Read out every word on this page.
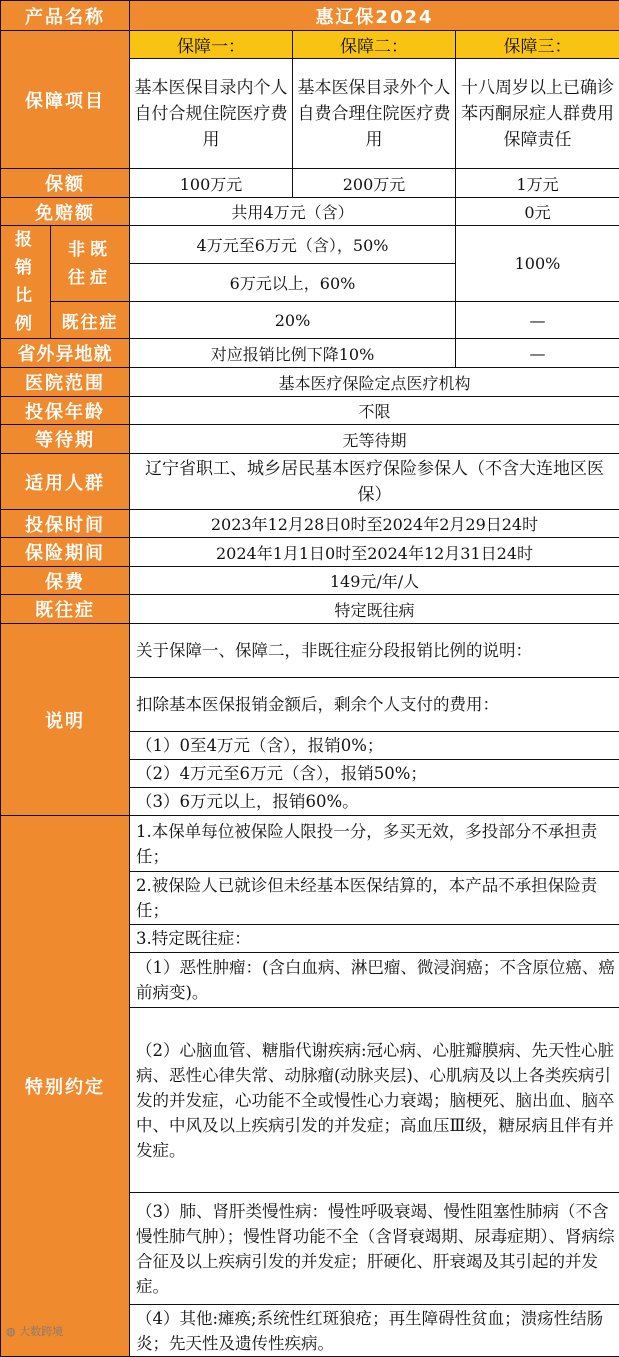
产品名称		惠辽保2024		
保障项目		保障一：	保障二：	保障三：
		基本医保目录内个人自付合规住院医疗费用	基本医保目录外个人自费合理住院医疗费用	十八周岁以上已确诊苯丙酮尿症人群费用保障责任
保额		100万元	200万元	1万元
免赔额		共用4万元（含）		0元
报销比例	非既往症	4万元至6万元（含），50%		100%
		6万元以上，60%		
	既往症	20%		—
省外异地就		对应报销比例下降10%		—
医院范围		基本医疗保险定点医疗机构		
投保年龄		不限		
等待期		无等待期		
适用人群		辽宁省职工、城乡居民基本医疗保险参保人（不含大连地区医保）		
投保时间		2023年12月28日0时至2024年2月29日24时		
保险期间		2024年1月1日0时至2024年12月31日24时		
保费		149元/年/人		
既往症		特定既往病		
说明		关于保障一、保障二，非既往症分段报销比例的说明：		
		扣除基本医保报销金额后，剩余个人支付的费用：		
		（1）0至4万元（含），报销0%；		
		（2）4万元至6万元（含），报销50%；		
		（3）6万元以上，报销60%。		
特别约定		1.本保单每位被保险人限投一分，多买无效，多投部分不承担责任；		
		2.被保险人已就诊但未经基本医保结算的，本产品不承担保险责任；		
		3.特定既往症：		
		（1）恶性肿瘤：(含白血病、淋巴瘤、微浸润癌；不含原位癌、癌前病变)。		
		（2）心脑血管、糖脂代谢疾病:冠心病、心脏瓣膜病、先天性心脏病、恶性心律失常、动脉瘤(动脉夹层)、心肌病及以上各类疾病引发的并发症，心功能不全或慢性心力衰竭；脑梗死、脑出血、脑卒中、中风及以上疾病引发的并发症；高血压Ⅲ级，糖尿病且伴有并发症。		
		（3）肺、肾肝类慢性病：慢性呼吸衰竭、慢性阻塞性肺病（不含慢性肺气肿）；慢性肾功能不全（含肾衰竭期、尿毒症期）、肾病综合征及以上疾病引发的并发症；肝硬化、肝衰竭及其引起的并发症。		
		（4）其他:瘫痪;系统性红斑狼疮；再生障碍性贫血；溃疡性结肠炎；先天性及遗传性疾病。		
◍ 大数跨境
